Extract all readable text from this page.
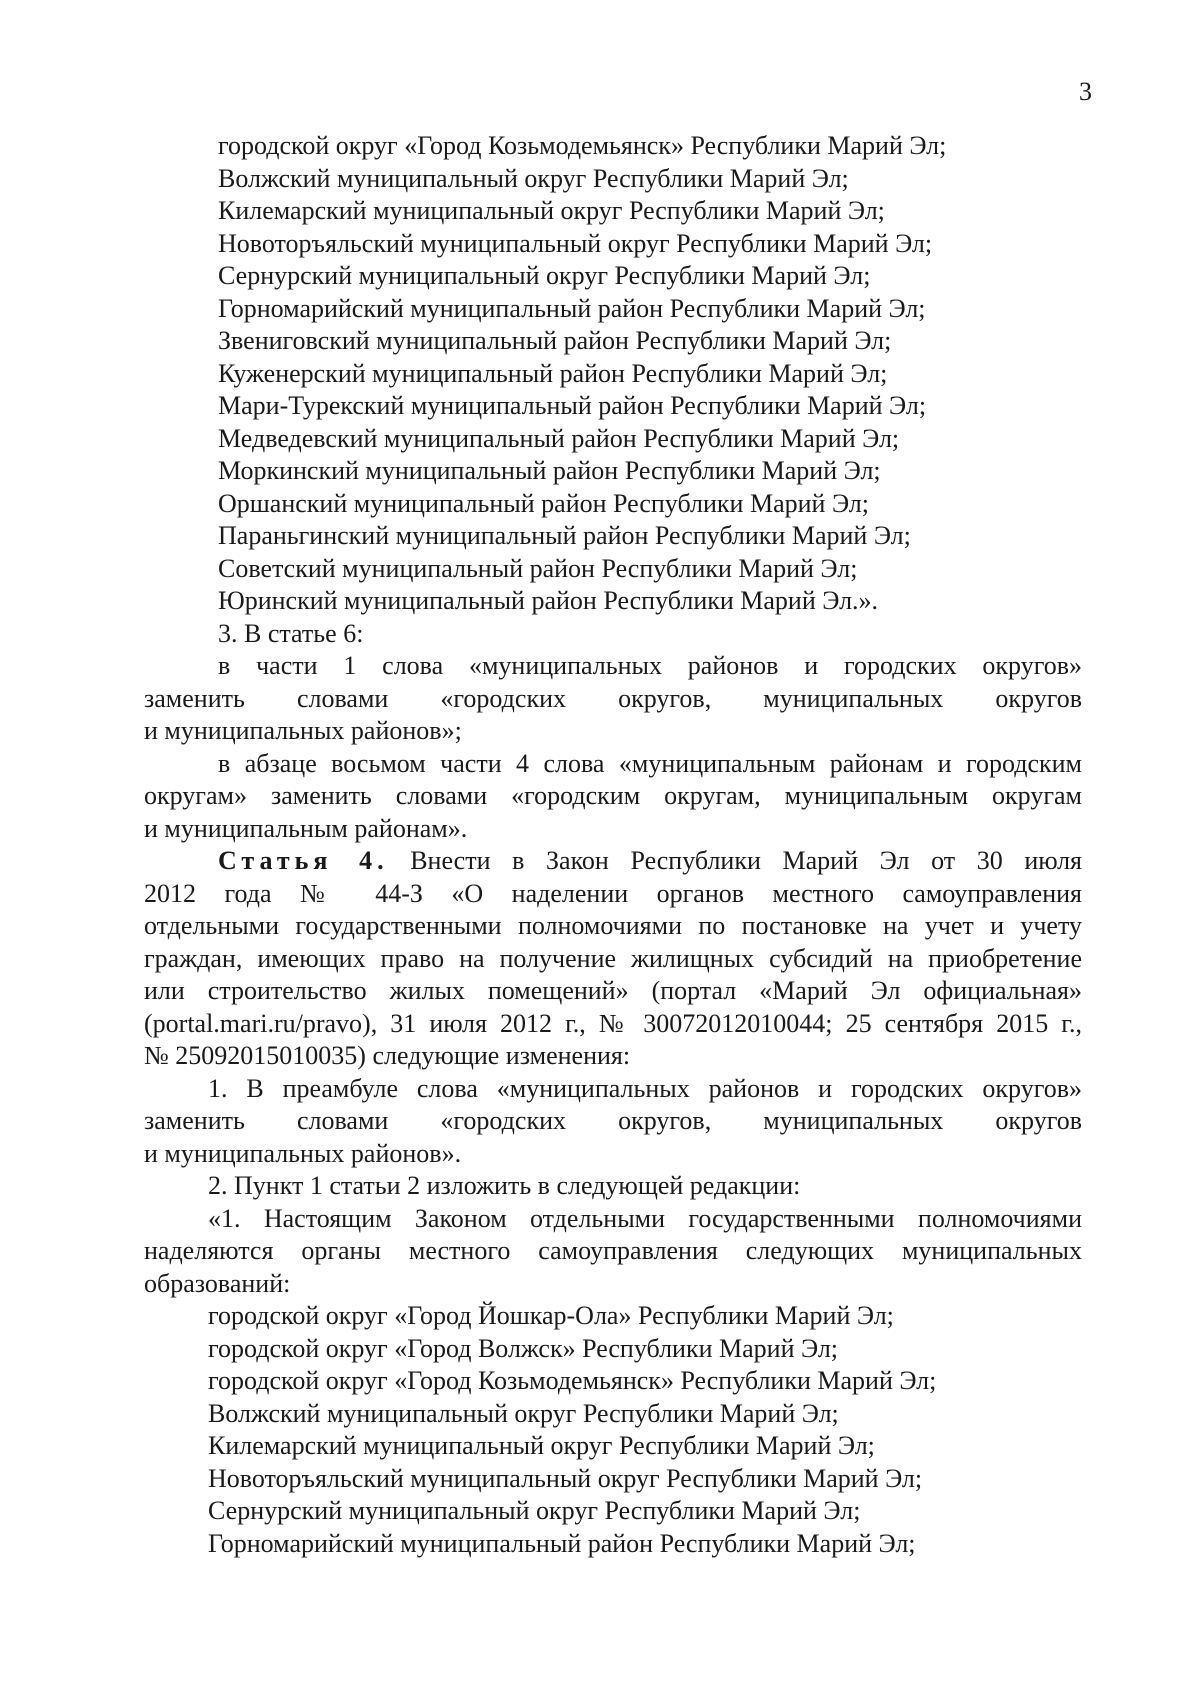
3
городской округ «Город Козьмодемьянск» Республики Марий Эл;
Волжский муниципальный округ Республики Марий Эл;
Килемарский муниципальный округ Республики Марий Эл;
Новоторъяльский муниципальный округ Республики Марий Эл;
Сернурский муниципальный округ Республики Марий Эл;
Горномарийский муниципальный район Республики Марий Эл;
Звениговский муниципальный район Республики Марий Эл;
Куженерский муниципальный район Республики Марий Эл;
Мари-Турекский муниципальный район Республики Марий Эл;
Медведевский муниципальный район Республики Марий Эл;
Моркинский муниципальный район Республики Марий Эл;
Оршанский муниципальный район Республики Марий Эл;
Параньгинский муниципальный район Республики Марий Эл;
Советский муниципальный район Республики Марий Эл;
Юринский муниципальный район Республики Марий Эл.».
3. В статье 6:
в части 1 слова «муниципальных районов и городских округов»
заменить словами «городских округов, муниципальных округов
и муниципальных районов»;
в абзаце восьмом части 4 слова «муниципальным районам и городским
округам» заменить словами «городским округам, муниципальным округам
и муниципальным районам».
Статья 4. Внести в Закон Республики Марий Эл от 30 июля
2012 года № 44-З «О наделении органов местного самоуправления
отдельными государственными полномочиями по постановке на учет и учету
граждан, имеющих право на получение жилищных субсидий на приобретение
или строительство жилых помещений» (портал «Марий Эл официальная»
(portal.mari.ru/pravo), 31 июля 2012 г., № 30072012010044; 25 сентября 2015 г.,
№ 25092015010035) следующие изменения:
1. В преамбуле слова «муниципальных районов и городских округов»
заменить словами «городских округов, муниципальных округов
и муниципальных районов».
2. Пункт 1 статьи 2 изложить в следующей редакции:
«1. Настоящим Законом отдельными государственными полномочиями
наделяются органы местного самоуправления следующих муниципальных
образований:
городской округ «Город Йошкар-Ола» Республики Марий Эл;
городской округ «Город Волжск» Республики Марий Эл;
городской округ «Город Козьмодемьянск» Республики Марий Эл;
Волжский муниципальный округ Республики Марий Эл;
Килемарский муниципальный округ Республики Марий Эл;
Новоторъяльский муниципальный округ Республики Марий Эл;
Сернурский муниципальный округ Республики Марий Эл;
Горномарийский муниципальный район Республики Марий Эл;
